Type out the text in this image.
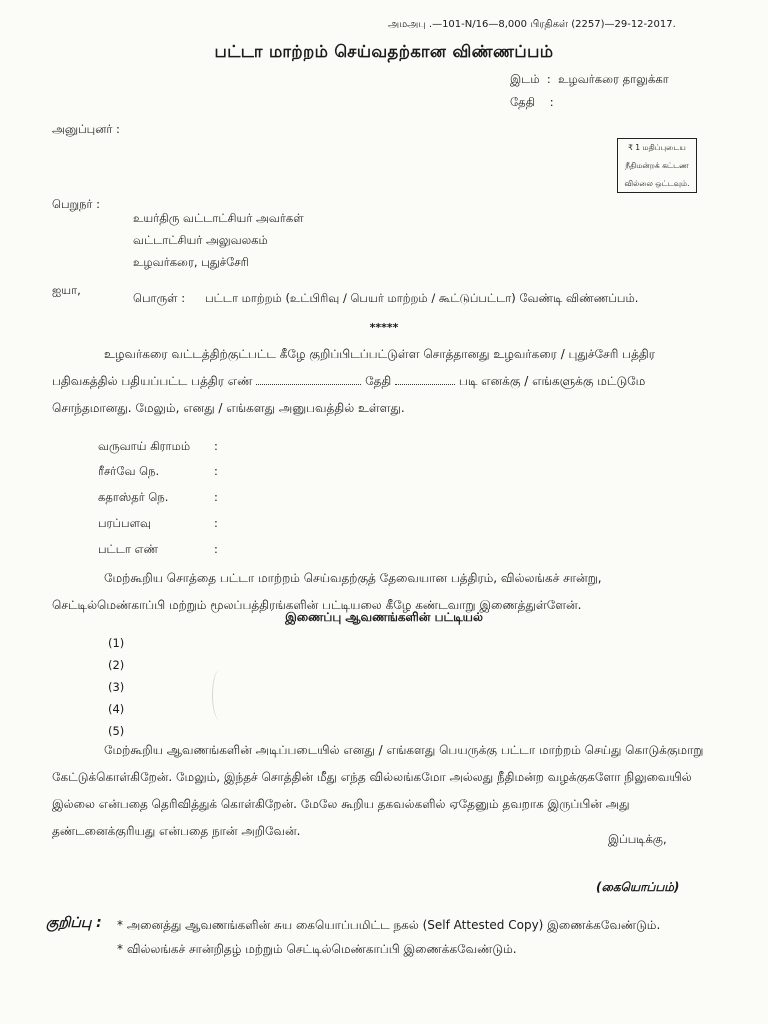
அமஅபு .—101-N/16—8,000 பிரதிகள் (2257)—29-12-2017.
பட்டா மாற்றம் செய்வதற்கான விண்ணப்பம்
இடம்  :  உழவர்கரை தாலுக்கா
தேதி    :
அனுப்புனர் :
₹ 1 மதிப்புடைய
நீதிமன்றக் கட்டண
வில்லை ஒட்டவும்.
பெறுநர் :
உயர்திரு வட்டாட்சியர் அவர்கள்
வட்டாட்சியர் அலுவலகம்
உழவர்கரை, புதுச்சேரி
ஐயா,
பொருள் : பட்டா மாற்றம் (உட்பிரிவு / பெயர் மாற்றம் / கூட்டுப்பட்டா) வேண்டி விண்ணப்பம்.
*****
உழவர்கரை வட்டத்திற்குட்பட்ட கீழே குறிப்பிடப்பட்டுள்ள சொத்தானது உழவர்கரை / புதுச்சேரி பத்திர பதிவகத்தில் பதியப்பட்ட பத்திர எண்	தேதி	படி எனக்கு / எங்களுக்கு மட்டுமே சொந்தமானது. மேலும், எனது / எங்களது அனுபவத்தில் உள்ளது.
வருவாய் கிராமம் :
ரீசர்வே நெ.	:
கதாஸ்தர் நெ.	:
பரப்பளவு	:
பட்டா எண்	:
மேற்கூறிய சொத்தை பட்டா மாற்றம் செய்வதற்குத் தேவையான பத்திரம், வில்லங்கச் சான்று, செட்டில்மெண்காப்பி மற்றும் மூலப்பத்திரங்களின் பட்டியலை கீழே கண்டவாறு இணைத்துள்ளேன்.
இணைப்பு ஆவணங்களின் பட்டியல்
(1)
(2)
(3)
(4)
(5)
மேற்கூறிய ஆவணங்களின் அடிப்படையில் எனது / எங்களது பெயருக்கு பட்டா மாற்றம் செய்து கொடுக்குமாறு கேட்டுக்கொள்கிறேன். மேலும், இந்தச் சொத்தின் மீது எந்த வில்லங்கமோ அல்லது நீதிமன்ற வழக்குகளோ நிலுவையில் இல்லை என்பதை தெரிவித்துக் கொள்கிறேன். மேலே கூறிய தகவல்களில் ஏதேனும் தவறாக இருப்பின் அது தண்டனைக்குரியது என்பதை நான் அறிவேன்.
இப்படிக்கு,
(கையொப்பம்)
குறிப்பு : * அனைத்து ஆவணங்களின் சுய கையொப்பமிட்ட நகல் (Self Attested Copy) இணைக்கவேண்டும்.
* வில்லங்கச் சான்றிதழ் மற்றும் செட்டில்மெண்காப்பி இணைக்கவேண்டும்.
